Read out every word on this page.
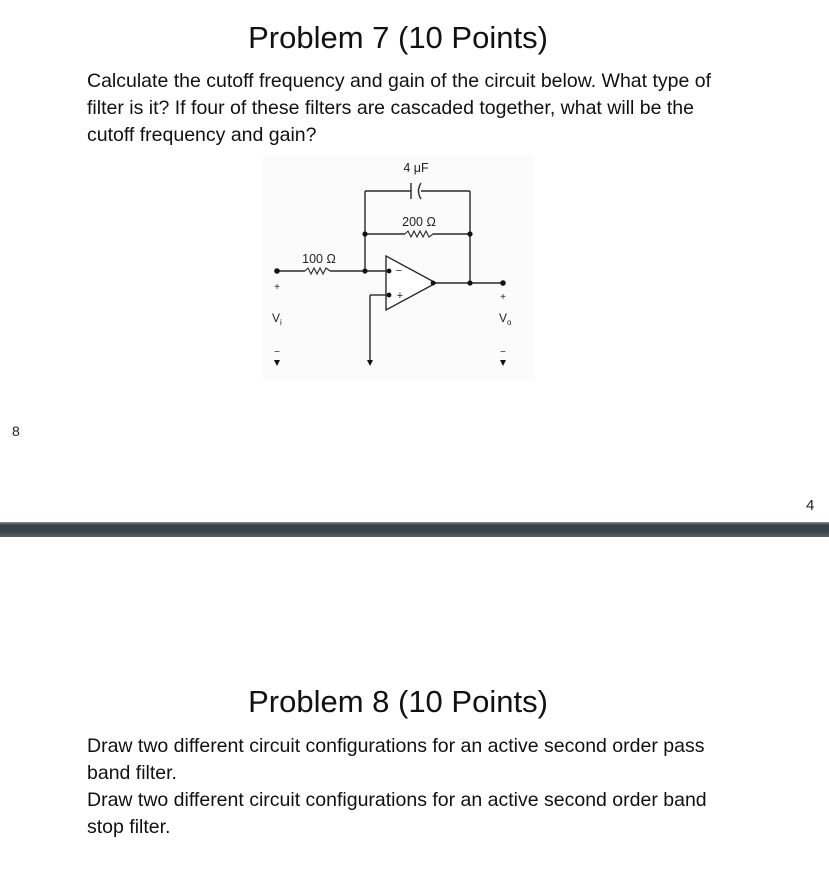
Problem 7 (10 Points)

Calculate the cutoff frequency and gain of the circuit below. What type of filter is it? If four of these filters are cascaded together, what will be the cutoff frequency and gain?

4 μF
200 Ω
100 Ω
−
+
+
$V_i$
−
+
$V_o$
−
8
4
Problem 8 (10 Points)

Draw two different circuit configurations for an active second order pass band filter.

Draw two different circuit configurations for an active second order band stop filter.
